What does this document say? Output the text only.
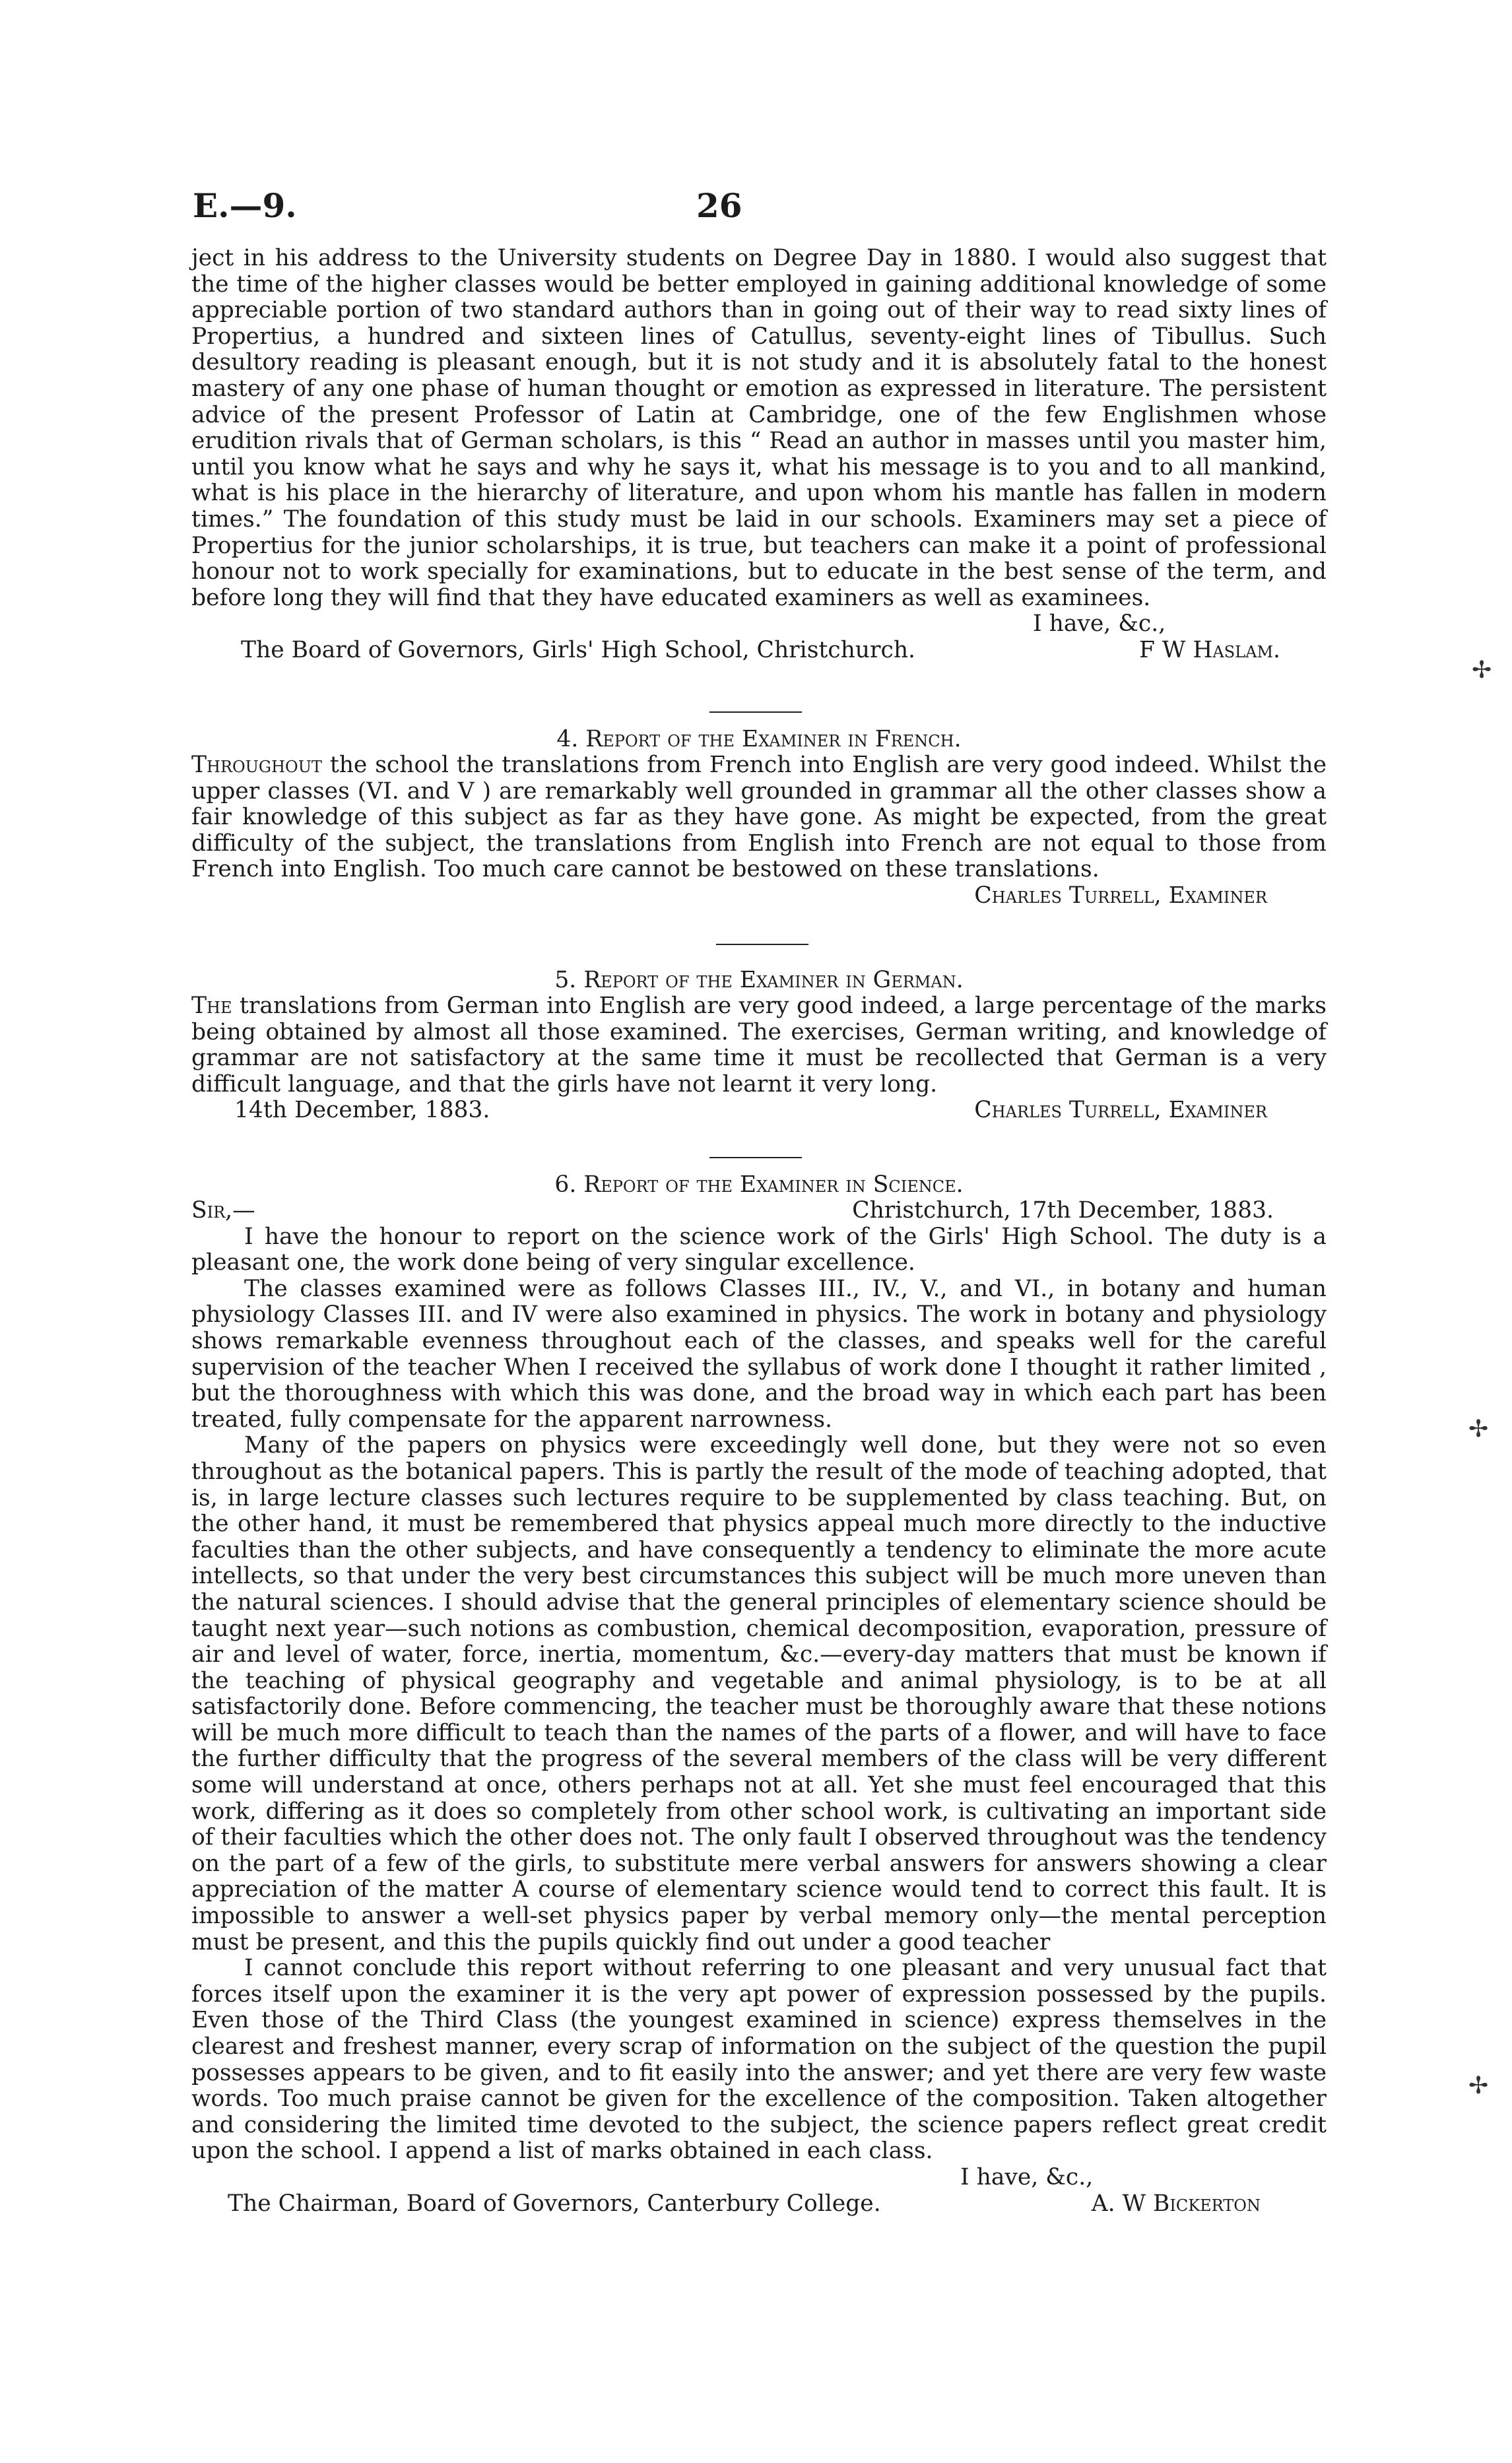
E.—9.	26

ject in his address to the University students on Degree Day in 1880. I would also suggest that the time of the higher classes would be better employed in gaining additional knowledge of some appreciable portion of two standard authors than in going out of their way to read sixty lines of Propertius, a hundred and sixteen lines of Catullus, seventy-eight lines of Tibullus. Such desultory reading is pleasant enough, but it is not study and it is absolutely fatal to the honest mastery of any one phase of human thought or emotion as expressed in literature. The persistent advice of the present Professor of Latin at Cambridge, one of the few Englishmen whose erudition rivals that of German scholars, is this “ Read an author in masses until you master him, until you know what he says and why he says it, what his message is to you and to all mankind, what is his place in the hierarchy of literature, and upon whom his mantle has fallen in modern times.” The foundation of this study must be laid in our schools. Examiners may set a piece of Propertius for the junior scholarships, it is true, but teachers can make it a point of professional honour not to work specially for examinations, but to educate in the best sense of the term, and before long they will find that they have educated examiners as well as examinees.

I have, &c.,
The Board of Governors, Girls' High School, Christchurch.	F W Haslam.
4. Report of the Examiner in French.

Throughout the school the translations from French into English are very good indeed. Whilst the upper classes (VI. and V ) are remarkably well grounded in grammar all the other classes show a fair knowledge of this subject as far as they have gone. As might be expected, from the great difficulty of the subject, the translations from English into French are not equal to those from French into English. Too much care cannot be bestowed on these translations.

Charles Turrell, Examiner
5. Report of the Examiner in German.

The translations from German into English are very good indeed, a large percentage of the marks being obtained by almost all those examined. The exercises, German writing, and knowledge of grammar are not satisfactory at the same time it must be recollected that German is a very difficult language, and that the girls have not learnt it very long.

14th December, 1883.	Charles Turrell, Examiner
6. Report of the Examiner in Science.
Sir,—	Christchurch, 17th December, 1883.

I have the honour to report on the science work of the Girls' High School. The duty is a pleasant one, the work done being of very singular excellence.

The classes examined were as follows Classes III., IV., V., and VI., in botany and human physiology Classes III. and IV were also examined in physics. The work in botany and physiology shows remarkable evenness throughout each of the classes, and speaks well for the careful supervision of the teacher When I received the syllabus of work done I thought it rather limited , but the thoroughness with which this was done, and the broad way in which each part has been treated, fully compensate for the apparent narrowness.

Many of the papers on physics were exceedingly well done, but they were not so even throughout as the botanical papers. This is partly the result of the mode of teaching adopted, that is, in large lecture classes such lectures require to be supplemented by class teaching. But, on the other hand, it must be remembered that physics appeal much more directly to the inductive faculties than the other subjects, and have consequently a tendency to eliminate the more acute intellects, so that under the very best circumstances this subject will be much more uneven than the natural sciences. I should advise that the general principles of elementary science should be taught next year—such notions as combustion, chemical decomposition, evaporation, pressure of air and level of water, force, inertia, momentum, &c.—every-day matters that must be known if the teaching of physical geography and vegetable and animal physiology, is to be at all satisfactorily done. Before commencing, the teacher must be thoroughly aware that these notions will be much more difficult to teach than the names of the parts of a flower, and will have to face the further difficulty that the progress of the several members of the class will be very different some will understand at once, others perhaps not at all. Yet she must feel encouraged that this work, differing as it does so completely from other school work, is cultivating an important side of their faculties which the other does not. The only fault I observed throughout was the tendency on the part of a few of the girls, to substitute mere verbal answers for answers showing a clear appreciation of the matter A course of elementary science would tend to correct this fault. It is impossible to answer a well-set physics paper by verbal memory only—the mental perception must be present, and this the pupils quickly find out under a good teacher

I cannot conclude this report without referring to one pleasant and very unusual fact that forces itself upon the examiner it is the very apt power of expression possessed by the pupils. Even those of the Third Class (the youngest examined in science) express themselves in the clearest and freshest manner, every scrap of information on the subject of the question the pupil possesses appears to be given, and to fit easily into the answer; and yet there are very few waste words. Too much praise cannot be given for the excellence of the composition. Taken altogether and considering the limited time devoted to the subject, the science papers reflect great credit upon the school. I append a list of marks obtained in each class.

I have, &c.,
The Chairman, Board of Governors, Canterbury College.	A. W Bickerton
✢
✢
✢
